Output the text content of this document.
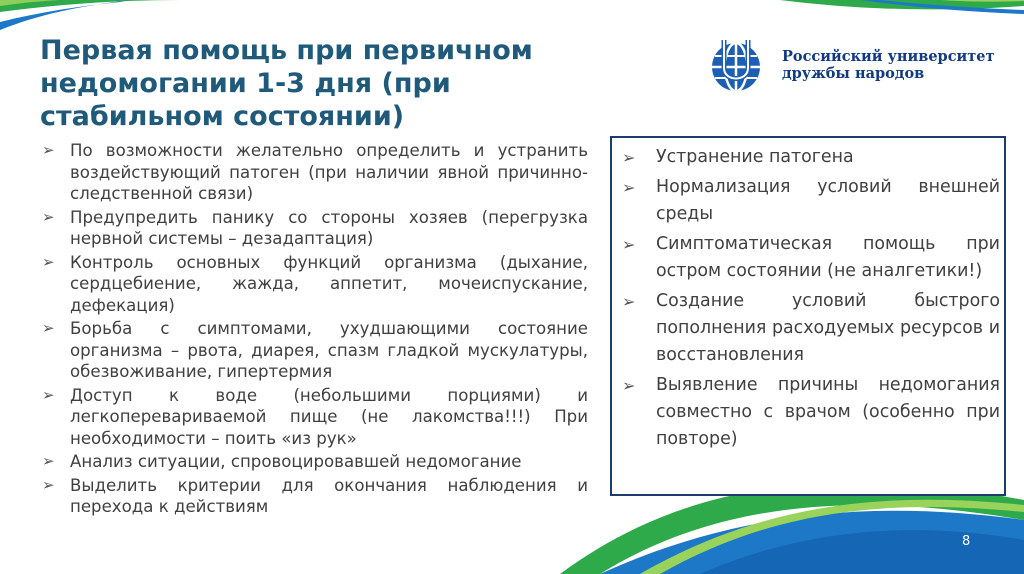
Первая помощь при первичном недомогании 1-3 дня (при стабильном состоянии)
Российский университет
дружбы народов
➢ По возможности желательно определить и устранить воздействующий патоген (при наличии явной причинно-следственной связи)
➢ Предупредить панику со стороны хозяев (перегрузка нервной системы – дезадаптация)
➢ Контроль основных функций организма (дыхание, сердцебиение, жажда, аппетит, мочеиспускание, дефекация)
➢ Борьба с симптомами, ухудшающими состояние организма – рвота, диарея, спазм гладкой мускулатуры, обезвоживание, гипертермия
➢ Доступ к воде (небольшими порциями) и легкоперевариваемой пище (не лакомства!!!) При необходимости – поить «из рук»
➢ Анализ ситуации, спровоцировавшей недомогание
➢ Выделить критерии для окончания наблюдения и перехода к действиям
➢ Устранение патогена
➢ Нормализация условий внешней среды
➢ Симптоматическая помощь при остром состоянии (не аналгетики!)
➢ Создание условий быстрого пополнения расходуемых ресурсов и восстановления
➢ Выявление причины недомогания совместно с врачом (особенно при повторе)
8
